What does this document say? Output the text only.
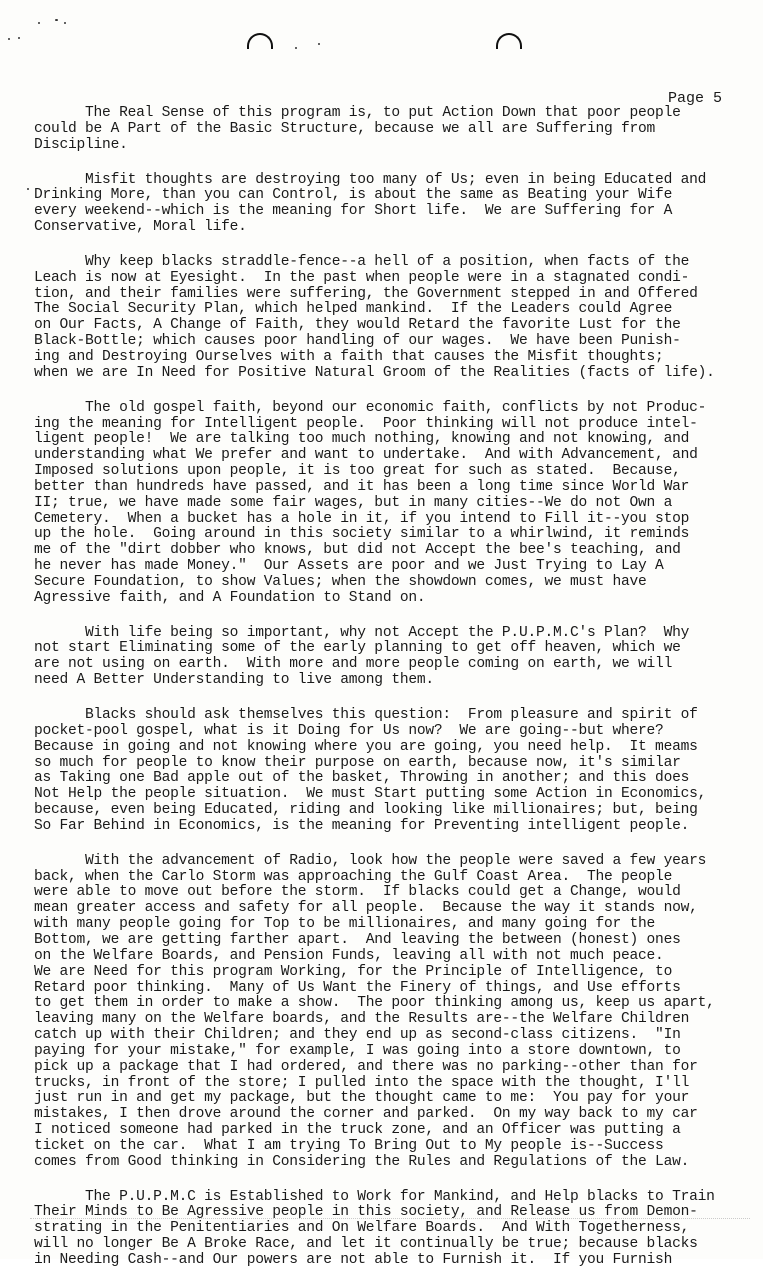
Page 5
The Real Sense of this program is, to put Action Down that poor people
could be A Part of the Basic Structure, because we all are Suffering from
Discipline.
Misfit thoughts are destroying too many of Us; even in being Educated and
Drinking More, than you can Control, is about the same as Beating your Wife
every weekend--which is the meaning for Short life.  We are Suffering for A
Conservative, Moral life.
Why keep blacks straddle-fence--a hell of a position, when facts of the
Leach is now at Eyesight.  In the past when people were in a stagnated condi-
tion, and their families were suffering, the Government stepped in and Offered
The Social Security Plan, which helped mankind.  If the Leaders could Agree
on Our Facts, A Change of Faith, they would Retard the favorite Lust for the
Black-Bottle; which causes poor handling of our wages.  We have been Punish-
ing and Destroying Ourselves with a faith that causes the Misfit thoughts;
when we are In Need for Positive Natural Groom of the Realities (facts of life).
The old gospel faith, beyond our economic faith, conflicts by not Produc-
ing the meaning for Intelligent people.  Poor thinking will not produce intel-
ligent people!  We are talking too much nothing, knowing and not knowing, and
understanding what We prefer and want to undertake.  And with Advancement, and
Imposed solutions upon people, it is too great for such as stated.  Because,
better than hundreds have passed, and it has been a long time since World War
II; true, we have made some fair wages, but in many cities--We do not Own a
Cemetery.  When a bucket has a hole in it, if you intend to Fill it--you stop
up the hole.  Going around in this society similar to a whirlwind, it reminds
me of the "dirt dobber who knows, but did not Accept the bee's teaching, and
he never has made Money."  Our Assets are poor and we Just Trying to Lay A
Secure Foundation, to show Values; when the showdown comes, we must have
Agressive faith, and A Foundation to Stand on.
With life being so important, why not Accept the P.U.P.M.C's Plan?  Why
not start Eliminating some of the early planning to get off heaven, which we
are not using on earth.  With more and more people coming on earth, we will
need A Better Understanding to live among them.
Blacks should ask themselves this question:  From pleasure and spirit of
pocket-pool gospel, what is it Doing for Us now?  We are going--but where?
Because in going and not knowing where you are going, you need help.  It meams
so much for people to know their purpose on earth, because now, it's similar
as Taking one Bad apple out of the basket, Throwing in another; and this does
Not Help the people situation.  We must Start putting some Action in Economics,
because, even being Educated, riding and looking like millionaires; but, being
So Far Behind in Economics, is the meaning for Preventing intelligent people.
With the advancement of Radio, look how the people were saved a few years
back, when the Carlo Storm was approaching the Gulf Coast Area.  The people
were able to move out before the storm.  If blacks could get a Change, would
mean greater access and safety for all people.  Because the way it stands now,
with many people going for Top to be millionaires, and many going for the
Bottom, we are getting farther apart.  And leaving the between (honest) ones
on the Welfare Boards, and Pension Funds, leaving all with not much peace.
We are Need for this program Working, for the Principle of Intelligence, to
Retard poor thinking.  Many of Us Want the Finery of things, and Use efforts
to get them in order to make a show.  The poor thinking among us, keep us apart,
leaving many on the Welfare boards, and the Results are--the Welfare Children
catch up with their Children; and they end up as second-class citizens.  "In
paying for your mistake," for example, I was going into a store downtown, to
pick up a package that I had ordered, and there was no parking--other than for
trucks, in front of the store; I pulled into the space with the thought, I'll
just run in and get my package, but the thought came to me:  You pay for your
mistakes, I then drove around the corner and parked.  On my way back to my car
I noticed someone had parked in the truck zone, and an Officer was putting a
ticket on the car.  What I am trying To Bring Out to My people is--Success
comes from Good thinking in Considering the Rules and Regulations of the Law.
The P.U.P.M.C is Established to Work for Mankind, and Help blacks to Train
Their Minds to Be Agressive people in this society, and Release us from Demon-
strating in the Penitentiaries and On Welfare Boards.  And With Togetherness,
will no longer Be A Broke Race, and let it continually be true; because blacks
in Needing Cash--and Our powers are not able to Furnish it.  If you Furnish
